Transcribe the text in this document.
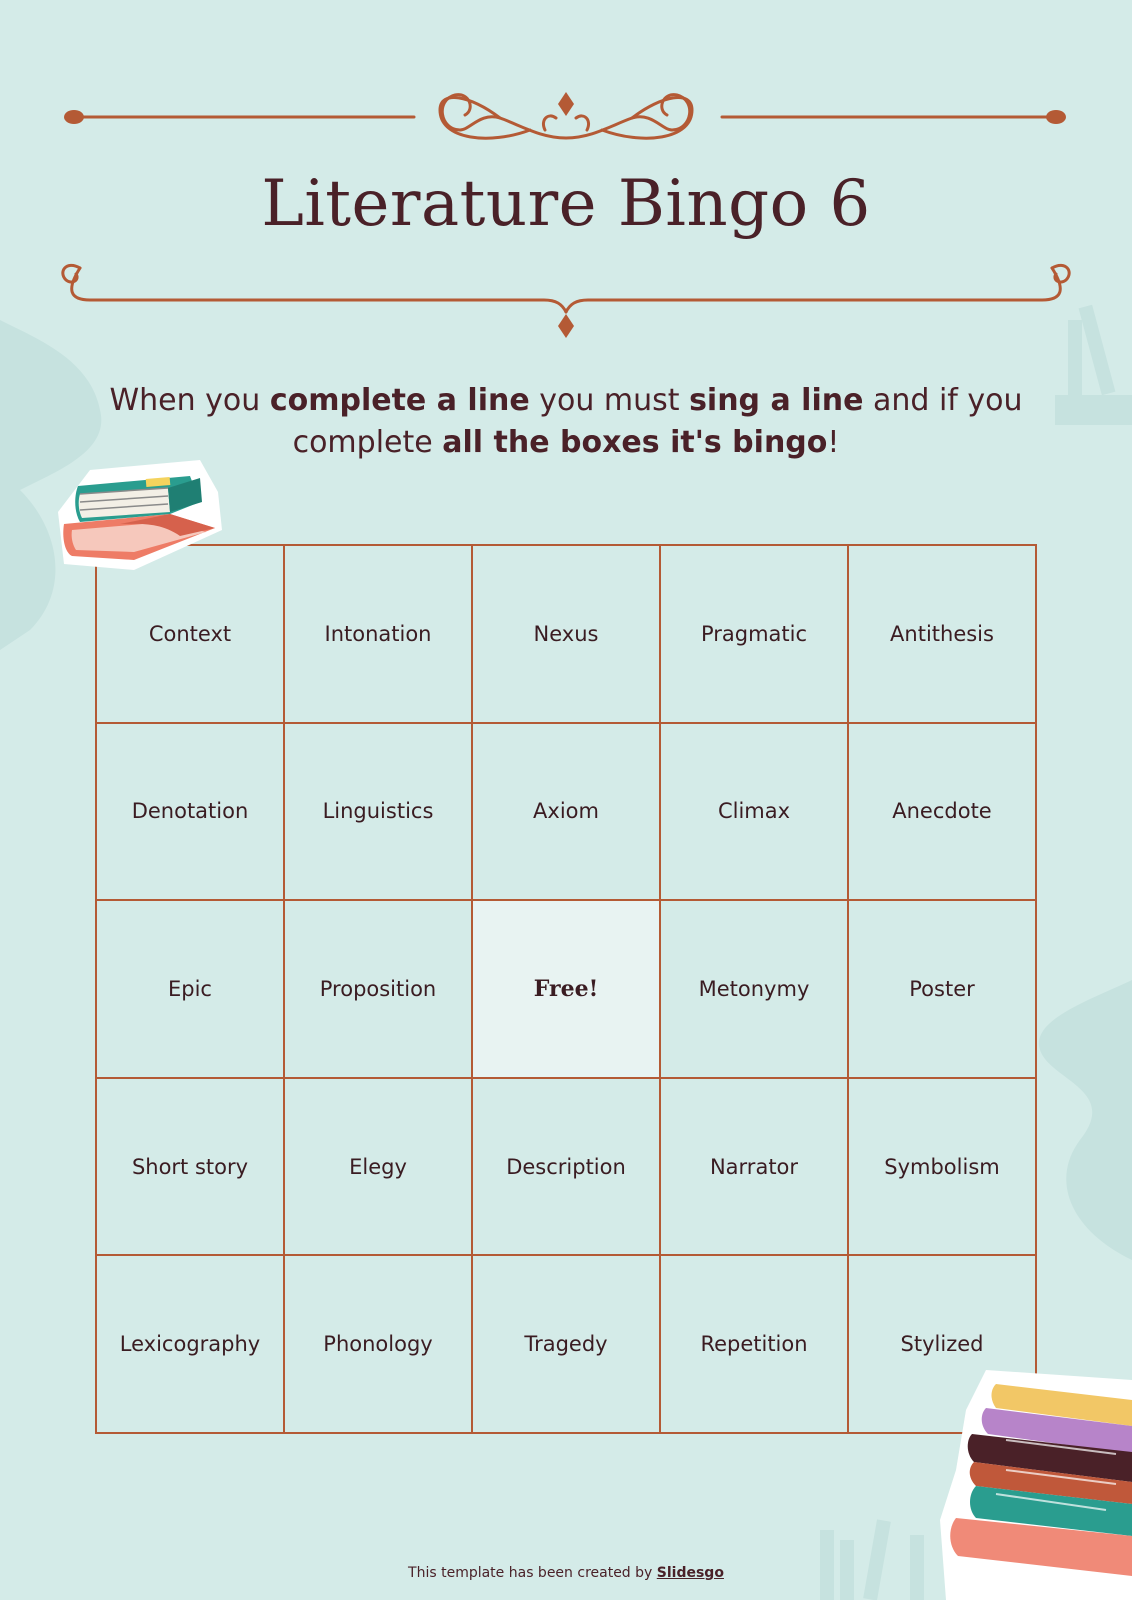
Literature Bingo 6
When you complete a line you must sing a line and if you complete all the boxes it's bingo!
Context	Intonation	Nexus	Pragmatic	Antithesis
Denotation	Linguistics	Axiom	Climax	Anecdote
Epic	Proposition	Free!	Metonymy	Poster
Short story	Elegy	Description	Narrator	Symbolism
Lexicography	Phonology	Tragedy	Repetition	Stylized
This template has been created by Slidesgo
